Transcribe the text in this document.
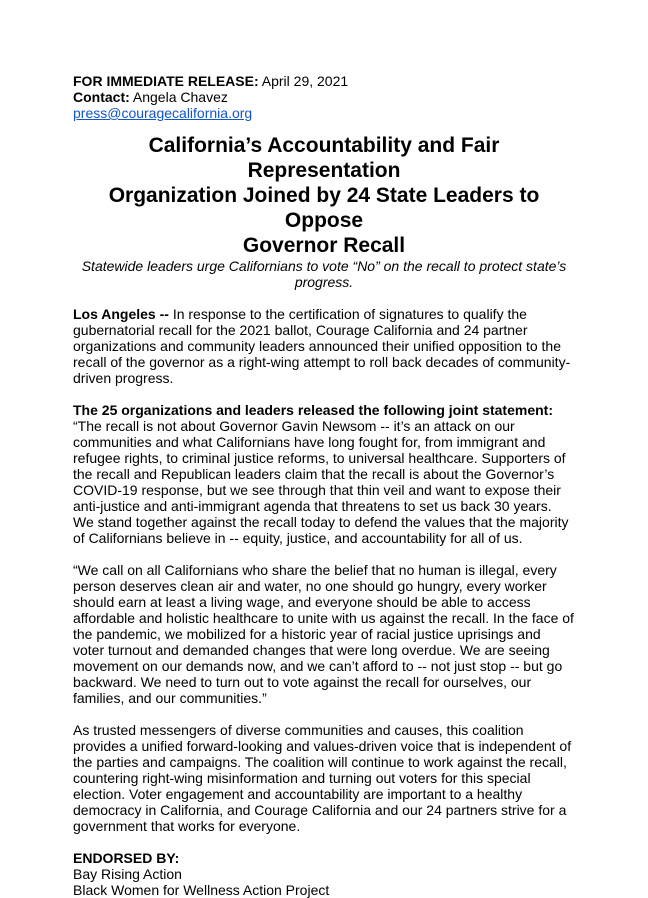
FOR IMMEDIATE RELEASE: April 29, 2021
Contact: Angela Chavez
press@couragecalifornia.org
California’s Accountability and Fair Representation
Organization Joined by 24 State Leaders to Oppose
Governor Recall
Statewide leaders urge Californians to vote “No” on the recall to protect state’s progress.

Los Angeles -- In response to the certification of signatures to qualify the gubernatorial recall for the 2021 ballot, Courage California and 24 partner organizations and community leaders announced their unified opposition to the recall of the governor as a right-wing attempt to roll back decades of community-driven progress.

The 25 organizations and leaders released the following joint statement:

“The recall is not about Governor Gavin Newsom -- it’s an attack on our communities and what Californians have long fought for, from immigrant and refugee rights, to criminal justice reforms, to universal healthcare. Supporters of the recall and Republican leaders claim that the recall is about the Governor’s COVID-19 response, but we see through that thin veil and want to expose their anti-justice and anti-immigrant agenda that threatens to set us back 30 years. We stand together against the recall today to defend the values that the majority of Californians believe in -- equity, justice, and accountability for all of us.

“We call on all Californians who share the belief that no human is illegal, every person deserves clean air and water, no one should go hungry, every worker should earn at least a living wage, and everyone should be able to access affordable and holistic healthcare to unite with us against the recall. In the face of the pandemic, we mobilized for a historic year of racial justice uprisings and voter turnout and demanded changes that were long overdue. We are seeing movement on our demands now, and we can’t afford to -- not just stop -- but go backward. We need to turn out to vote against the recall for ourselves, our families, and our communities.”

As trusted messengers of diverse communities and causes, this coalition provides a unified forward-looking and values-driven voice that is independent of the parties and campaigns. The coalition will continue to work against the recall, countering right-wing misinformation and turning out voters for this special election. Voter engagement and accountability are important to a healthy democracy in California, and Courage California and our 24 partners strive for a government that works for everyone.

ENDORSED BY:

Bay Rising Action
Black Women for Wellness Action Project
